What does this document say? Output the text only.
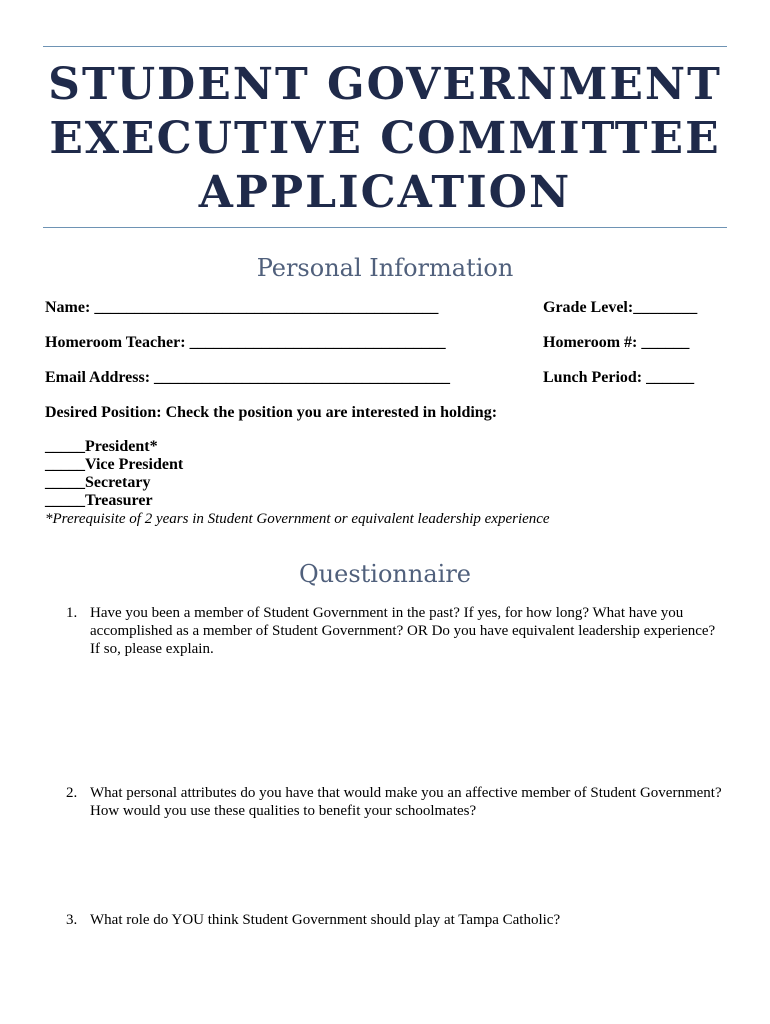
STUDENT GOVERNMENT
EXECUTIVE COMMITTEE
APPLICATION
Personal Information
Name: ___________________________________________	Grade Level:________
Homeroom Teacher: ________________________________	Homeroom #: ______
Email Address: _____________________________________	Lunch Period: ______
Desired Position: Check the position you are interested in holding:
_____President*
_____Vice President
_____Secretary
_____Treasurer
*Prerequisite of 2 years in Student Government or equivalent leadership experience
Questionnaire
1. Have you been a member of Student Government in the past? If yes, for how long? What have you accomplished as a member of Student Government? OR Do you have equivalent leadership experience? If so, please explain.
2. What personal attributes do you have that would make you an affective member of Student Government? How would you use these qualities to benefit your schoolmates?
3. What role do YOU think Student Government should play at Tampa Catholic?
